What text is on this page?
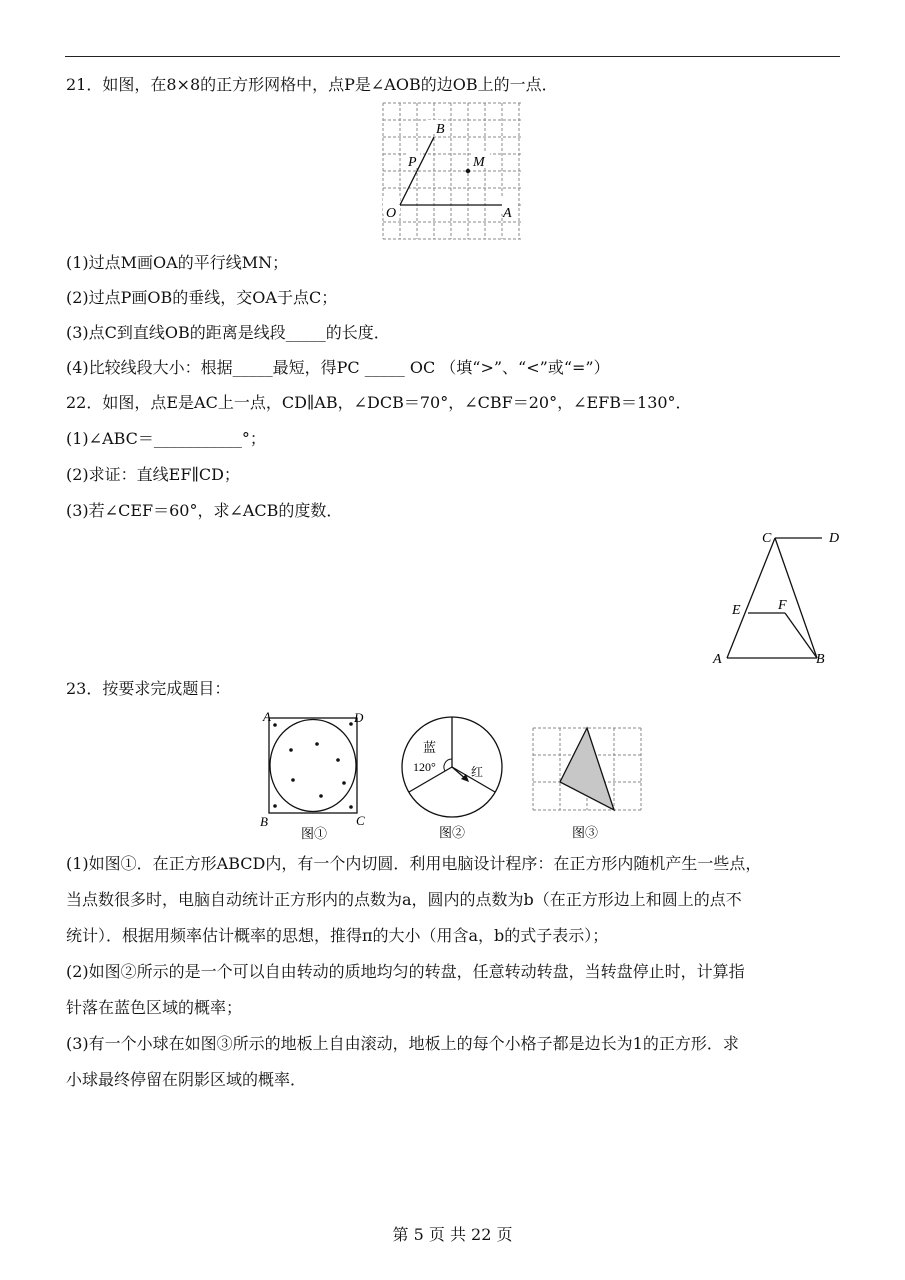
21．如图，在8×8的正方形网格中，点P是∠AOB的边OB上的一点．
B
P	M
O	A
(1)过点M画OA的平行线MN；
(2)过点P画OB的垂线，交OA于点C；
(3)点C到直线OB的距离是线段_____的长度．
(4)比较线段大小：根据_____最短，得PC _____ OC （填“>”、“<”或“=”）
22．如图，点E是AC上一点，CD∥AB，∠DCB＝70°，∠CBF＝20°，∠EFB＝130°．
(1)∠ABC＝___________°；
(2)求证：直线EF∥CD；
(3)若∠CEF＝60°，求∠ACB的度数．
C	D
E	F
A	B
23．按要求完成题目：
A	D
B	C
图①
蓝
120°	红
图②	图③
(1)如图①．在正方形ABCD内，有一个内切圆．利用电脑设计程序：在正方形内随机产生一些点，
当点数很多时，电脑自动统计正方形内的点数为a，圆内的点数为b（在正方形边上和圆上的点不
统计）．根据用频率估计概率的思想，推得π的大小（用含a，b的式子表示）；
(2)如图②所示的是一个可以自由转动的质地均匀的转盘，任意转动转盘，当转盘停止时，计算指
针落在蓝色区域的概率；
(3)有一个小球在如图③所示的地板上自由滚动，地板上的每个小格子都是边长为1的正方形．求
小球最终停留在阴影区域的概率．
第 5 页 共 22 页
